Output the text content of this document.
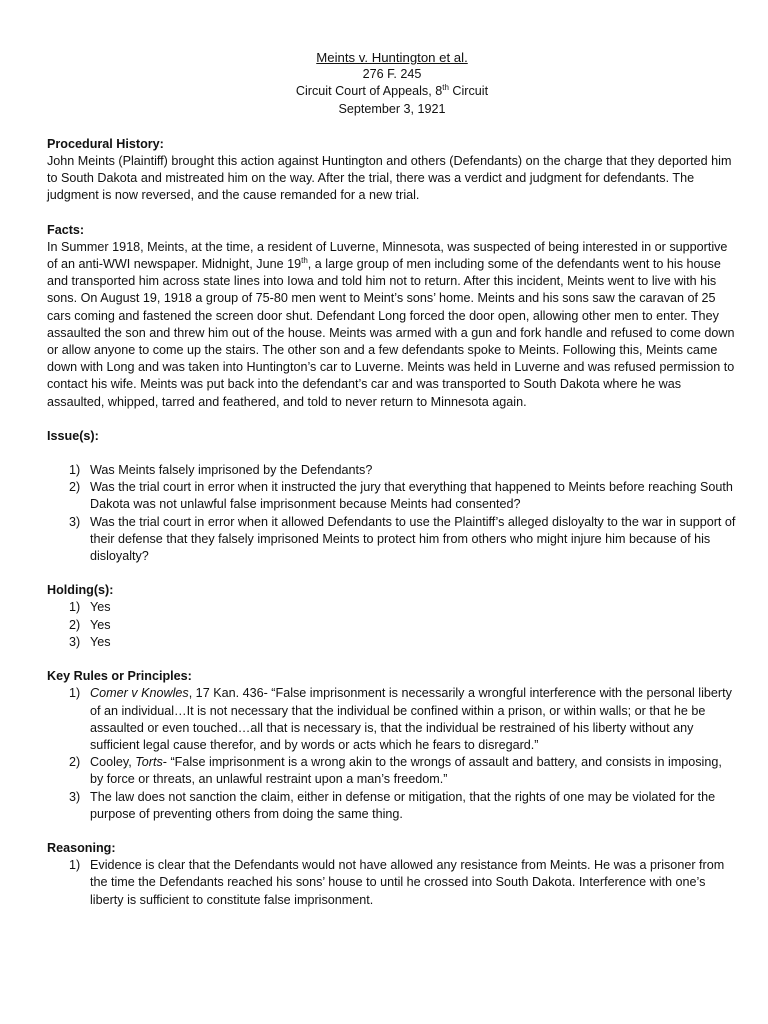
Meints v. Huntington et al.
276 F. 245
Circuit Court of Appeals, 8th Circuit
September 3, 1921
Procedural History:
John Meints (Plaintiff) brought this action against Huntington and others (Defendants) on the charge that they deported him to South Dakota and mistreated him on the way. After the trial, there was a verdict and judgment for defendants. The judgment is now reversed, and the cause remanded for a new trial.
Facts:
In Summer 1918, Meints, at the time, a resident of Luverne, Minnesota, was suspected of being interested in or supportive of an anti-WWI newspaper. Midnight, June 19th, a large group of men including some of the defendants went to his house and transported him across state lines into Iowa and told him not to return. After this incident, Meints went to live with his sons. On August 19, 1918 a group of 75-80 men went to Meint’s sons’ home. Meints and his sons saw the caravan of 25 cars coming and fastened the screen door shut. Defendant Long forced the door open, allowing other men to enter. They assaulted the son and threw him out of the house. Meints was armed with a gun and fork handle and refused to come down or allow anyone to come up the stairs. The other son and a few defendants spoke to Meints. Following this, Meints came down with Long and was taken into Huntington’s car to Luverne. Meints was held in Luverne and was refused permission to contact his wife. Meints was put back into the defendant’s car and was transported to South Dakota where he was assaulted, whipped, tarred and feathered, and told to never return to Minnesota again.
Issue(s):
1) Was Meints falsely imprisoned by the Defendants?
2) Was the trial court in error when it instructed the jury that everything that happened to Meints before reaching South Dakota was not unlawful false imprisonment because Meints had consented?
3) Was the trial court in error when it allowed Defendants to use the Plaintiff’s alleged disloyalty to the war in support of their defense that they falsely imprisoned Meints to protect him from others who might injure him because of his disloyalty?
Holding(s):
1) Yes
2) Yes
3) Yes
Key Rules or Principles:
1) Comer v Knowles, 17 Kan. 436- “False imprisonment is necessarily a wrongful interference with the personal liberty of an individual…It is not necessary that the individual be confined within a prison, or within walls; or that he be assaulted or even touched…all that is necessary is, that the individual be restrained of his liberty without any sufficient legal cause therefor, and by words or acts which he fears to disregard.”
2) Cooley, Torts- “False imprisonment is a wrong akin to the wrongs of assault and battery, and consists in imposing, by force or threats, an unlawful restraint upon a man’s freedom.”
3) The law does not sanction the claim, either in defense or mitigation, that the rights of one may be violated for the purpose of preventing others from doing the same thing.
Reasoning:
1) Evidence is clear that the Defendants would not have allowed any resistance from Meints. He was a prisoner from the time the Defendants reached his sons’ house to until he crossed into South Dakota. Interference with one’s liberty is sufficient to constitute false imprisonment.
